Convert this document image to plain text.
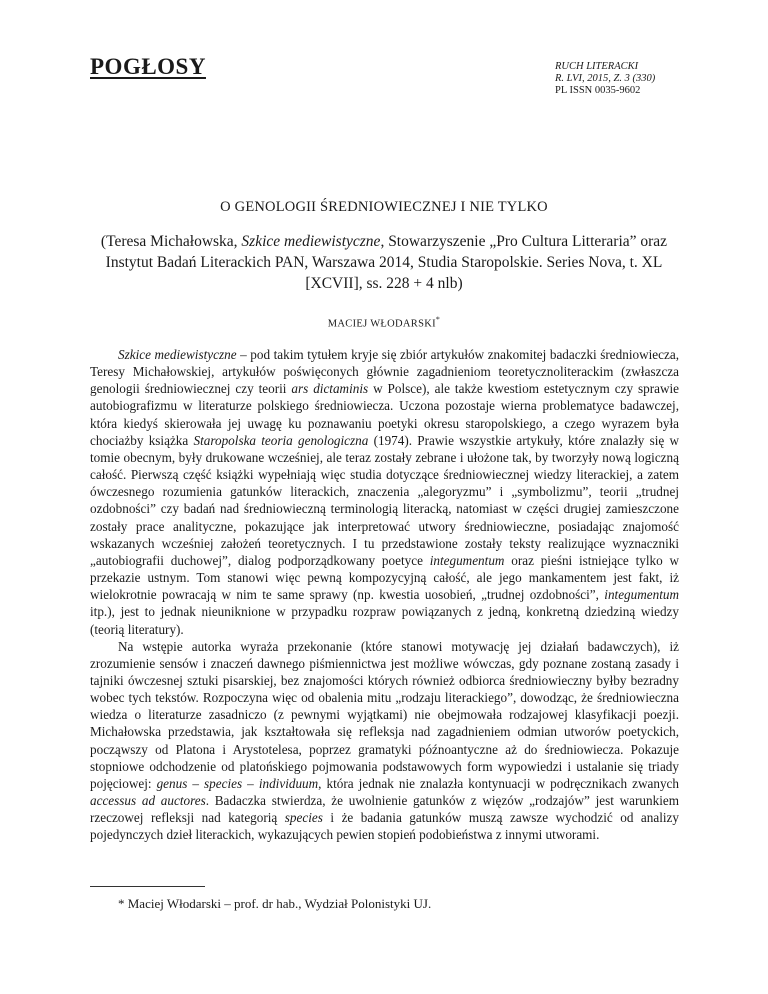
POGŁOSY	RUCH LITERACKI
R. LVI, 2015, Z. 3 (330)
PL ISSN 0035-9602
O GENOLOGII ŚREDNIOWIECZNEJ I NIE TYLKO
(Teresa Michałowska, Szkice mediewistyczne, Stowarzyszenie „Pro Cultura Litteraria” oraz Instytut Badań Literackich PAN, Warszawa 2014, Studia Staropolskie. Series Nova, t. XL [XCVII], ss. 228 + 4 nlb)
MACIEJ WŁODARSKI*

Szkice mediewistyczne – pod takim tytułem kryje się zbiór artykułów znakomitej badaczki średniowiecza, Teresy Michałowskiej, artykułów poświęconych głównie zagadnieniom teoretycznoliterackim (zwłaszcza genologii średniowiecznej czy teorii ars dictaminis w Polsce), ale także kwestiom estetycznym czy sprawie autobiografizmu w literaturze polskiego średniowiecza. Uczona pozostaje wierna problematyce badawczej, która kiedyś skierowała jej uwagę ku poznawaniu poetyki okresu staropolskiego, a czego wyrazem była chociażby książka Staropolska teoria genologiczna (1974). Prawie wszystkie artykuły, które znalazły się w tomie obecnym, były drukowane wcześniej, ale teraz zostały zebrane i ułożone tak, by tworzyły nową logiczną całość. Pierwszą część książki wypełniają więc studia dotyczące średniowiecznej wiedzy literackiej, a zatem ówczesnego rozumienia gatunków literackich, znaczenia „alegoryzmu” i „symbolizmu”, teorii „trudnej ozdobności” czy badań nad średniowieczną terminologią literacką, natomiast w części drugiej zamieszczone zostały prace analityczne, pokazujące jak interpretować utwory średniowieczne, posiadając znajomość wskazanych wcześniej założeń teoretycznych. I tu przedstawione zostały teksty realizujące wyznaczniki „autobiografii duchowej”, dialog podporządkowany poetyce integumentum oraz pieśni istniejące tylko w przekazie ustnym. Tom stanowi więc pewną kompozycyjną całość, ale jego mankamentem jest fakt, iż wielokrotnie powracają w nim te same sprawy (np. kwestia uosobień, „trudnej ozdobności”, integumentum itp.), jest to jednak nieuniknione w przypadku rozpraw powiązanych z jedną, konkretną dziedziną wiedzy (teorią literatury).

Na wstępie autorka wyraża przekonanie (które stanowi motywację jej działań badawczych), iż zrozumienie sensów i znaczeń dawnego piśmiennictwa jest możliwe wówczas, gdy poznane zostaną zasady i tajniki ówczesnej sztuki pisarskiej, bez znajomości których również odbiorca średniowieczny byłby bezradny wobec tych tekstów. Rozpoczyna więc od obalenia mitu „rodzaju literackiego”, dowodząc, że średniowieczna wiedza o literaturze zasadniczo (z pewnymi wyjątkami) nie obejmowała rodzajowej klasyfikacji poezji. Michałowska przedstawia, jak kształtowała się refleksja nad zagadnieniem odmian utworów poetyckich, począwszy od Platona i Arystotelesa, poprzez gramatyki późnoantyczne aż do średniowiecza. Pokazuje stopniowe odchodzenie od platońskiego pojmowania podstawowych form wypowiedzi i ustalanie się triady pojęciowej: genus – species – individuum, która jednak nie znalazła kontynuacji w podręcznikach zwanych accessus ad auctores. Badaczka stwierdza, że uwolnienie gatunków z więzów „rodzajów” jest warunkiem rzeczowej refleksji nad kategorią species i że badania gatunków muszą zawsze wychodzić od analizy pojedynczych dzieł literackich, wykazujących pewien stopień podobieństwa z innymi utworami.

* Maciej Włodarski – prof. dr hab., Wydział Polonistyki UJ.
